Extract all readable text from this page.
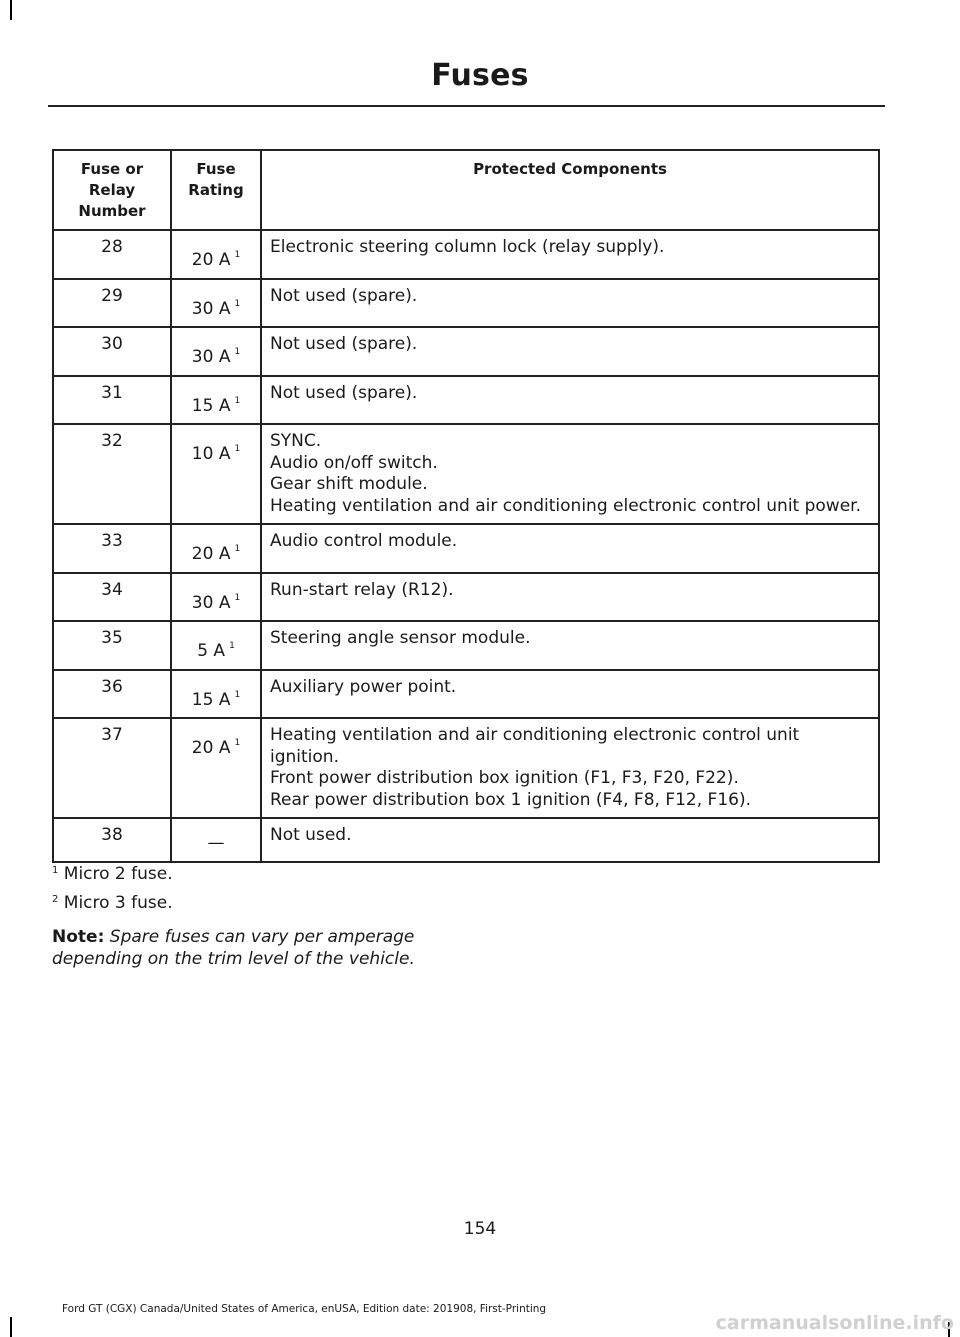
Fuses
Fuse or Relay Number	Fuse Rating	Protected Components
28	20 A $^1$	Electronic steering column lock (relay supply).

29	30 A $^1$	Not used (spare).

30	30 A $^1$	Not used (spare).

31	15 A $^1$	Not used (spare).

32	10 A $^1$	SYNC.
Audio on/off switch.
Gear shift module.
Heating ventilation and air conditioning electronic control unit power.

33	20 A $^1$	Audio control module.

34	30 A $^1$	Run-start relay (R12).

35	5 A $^1$	Steering angle sensor module.

36	15 A $^1$	Auxiliary power point.

37	20 A $^1$	Heating ventilation and air conditioning electronic control unit ignition.
Front power distribution box ignition (F1, F3, F20, F22).
Rear power distribution box 1 ignition (F4, F8, F12, F16).

38	—	Not used.
$^1$ Micro 2 fuse.
$^2$ Micro 3 fuse.
Note: Spare fuses can vary per amperage depending on the trim level of the vehicle.
154
Ford GT (CGX) Canada/United States of America, enUSA, Edition date: 201908, First-Printing
carmanualsonline.info
